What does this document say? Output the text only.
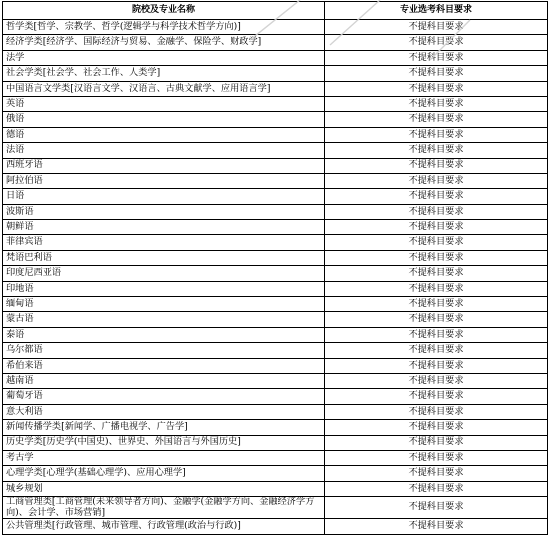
院校及专业名称	专业选考科目要求
哲学类[哲学、宗教学、哲学(逻辑学与科学技术哲学方向)]	不提科目要求
经济学类[经济学、国际经济与贸易、金融学、保险学、财政学]	不提科目要求
法学	不提科目要求
社会学类[社会学、社会工作、人类学]	不提科目要求
中国语言文学类[汉语言文学、汉语言、古典文献学、应用语言学]	不提科目要求
英语	不提科目要求
俄语	不提科目要求
德语	不提科目要求
法语	不提科目要求
西班牙语	不提科目要求
阿拉伯语	不提科目要求
日语	不提科目要求
波斯语	不提科目要求
朝鲜语	不提科目要求
菲律宾语	不提科目要求
梵语巴利语	不提科目要求
印度尼西亚语	不提科目要求
印地语	不提科目要求
缅甸语	不提科目要求
蒙古语	不提科目要求
泰语	不提科目要求
乌尔都语	不提科目要求
希伯来语	不提科目要求
越南语	不提科目要求
葡萄牙语	不提科目要求
意大利语	不提科目要求
新闻传播学类[新闻学、广播电视学、广告学]	不提科目要求
历史学类[历史学(中国史)、世界史、外国语言与外国历史]	不提科目要求
考古学	不提科目要求
心理学类[心理学(基础心理学)、应用心理学]	不提科目要求
城乡规划	不提科目要求
工商管理类[工商管理(未来领导者方向)、金融学(金融学方向、金融经济学方向)、会计学、市场营销]	不提科目要求
公共管理类[行政管理、城市管理、行政管理(政治与行政)]	不提科目要求
